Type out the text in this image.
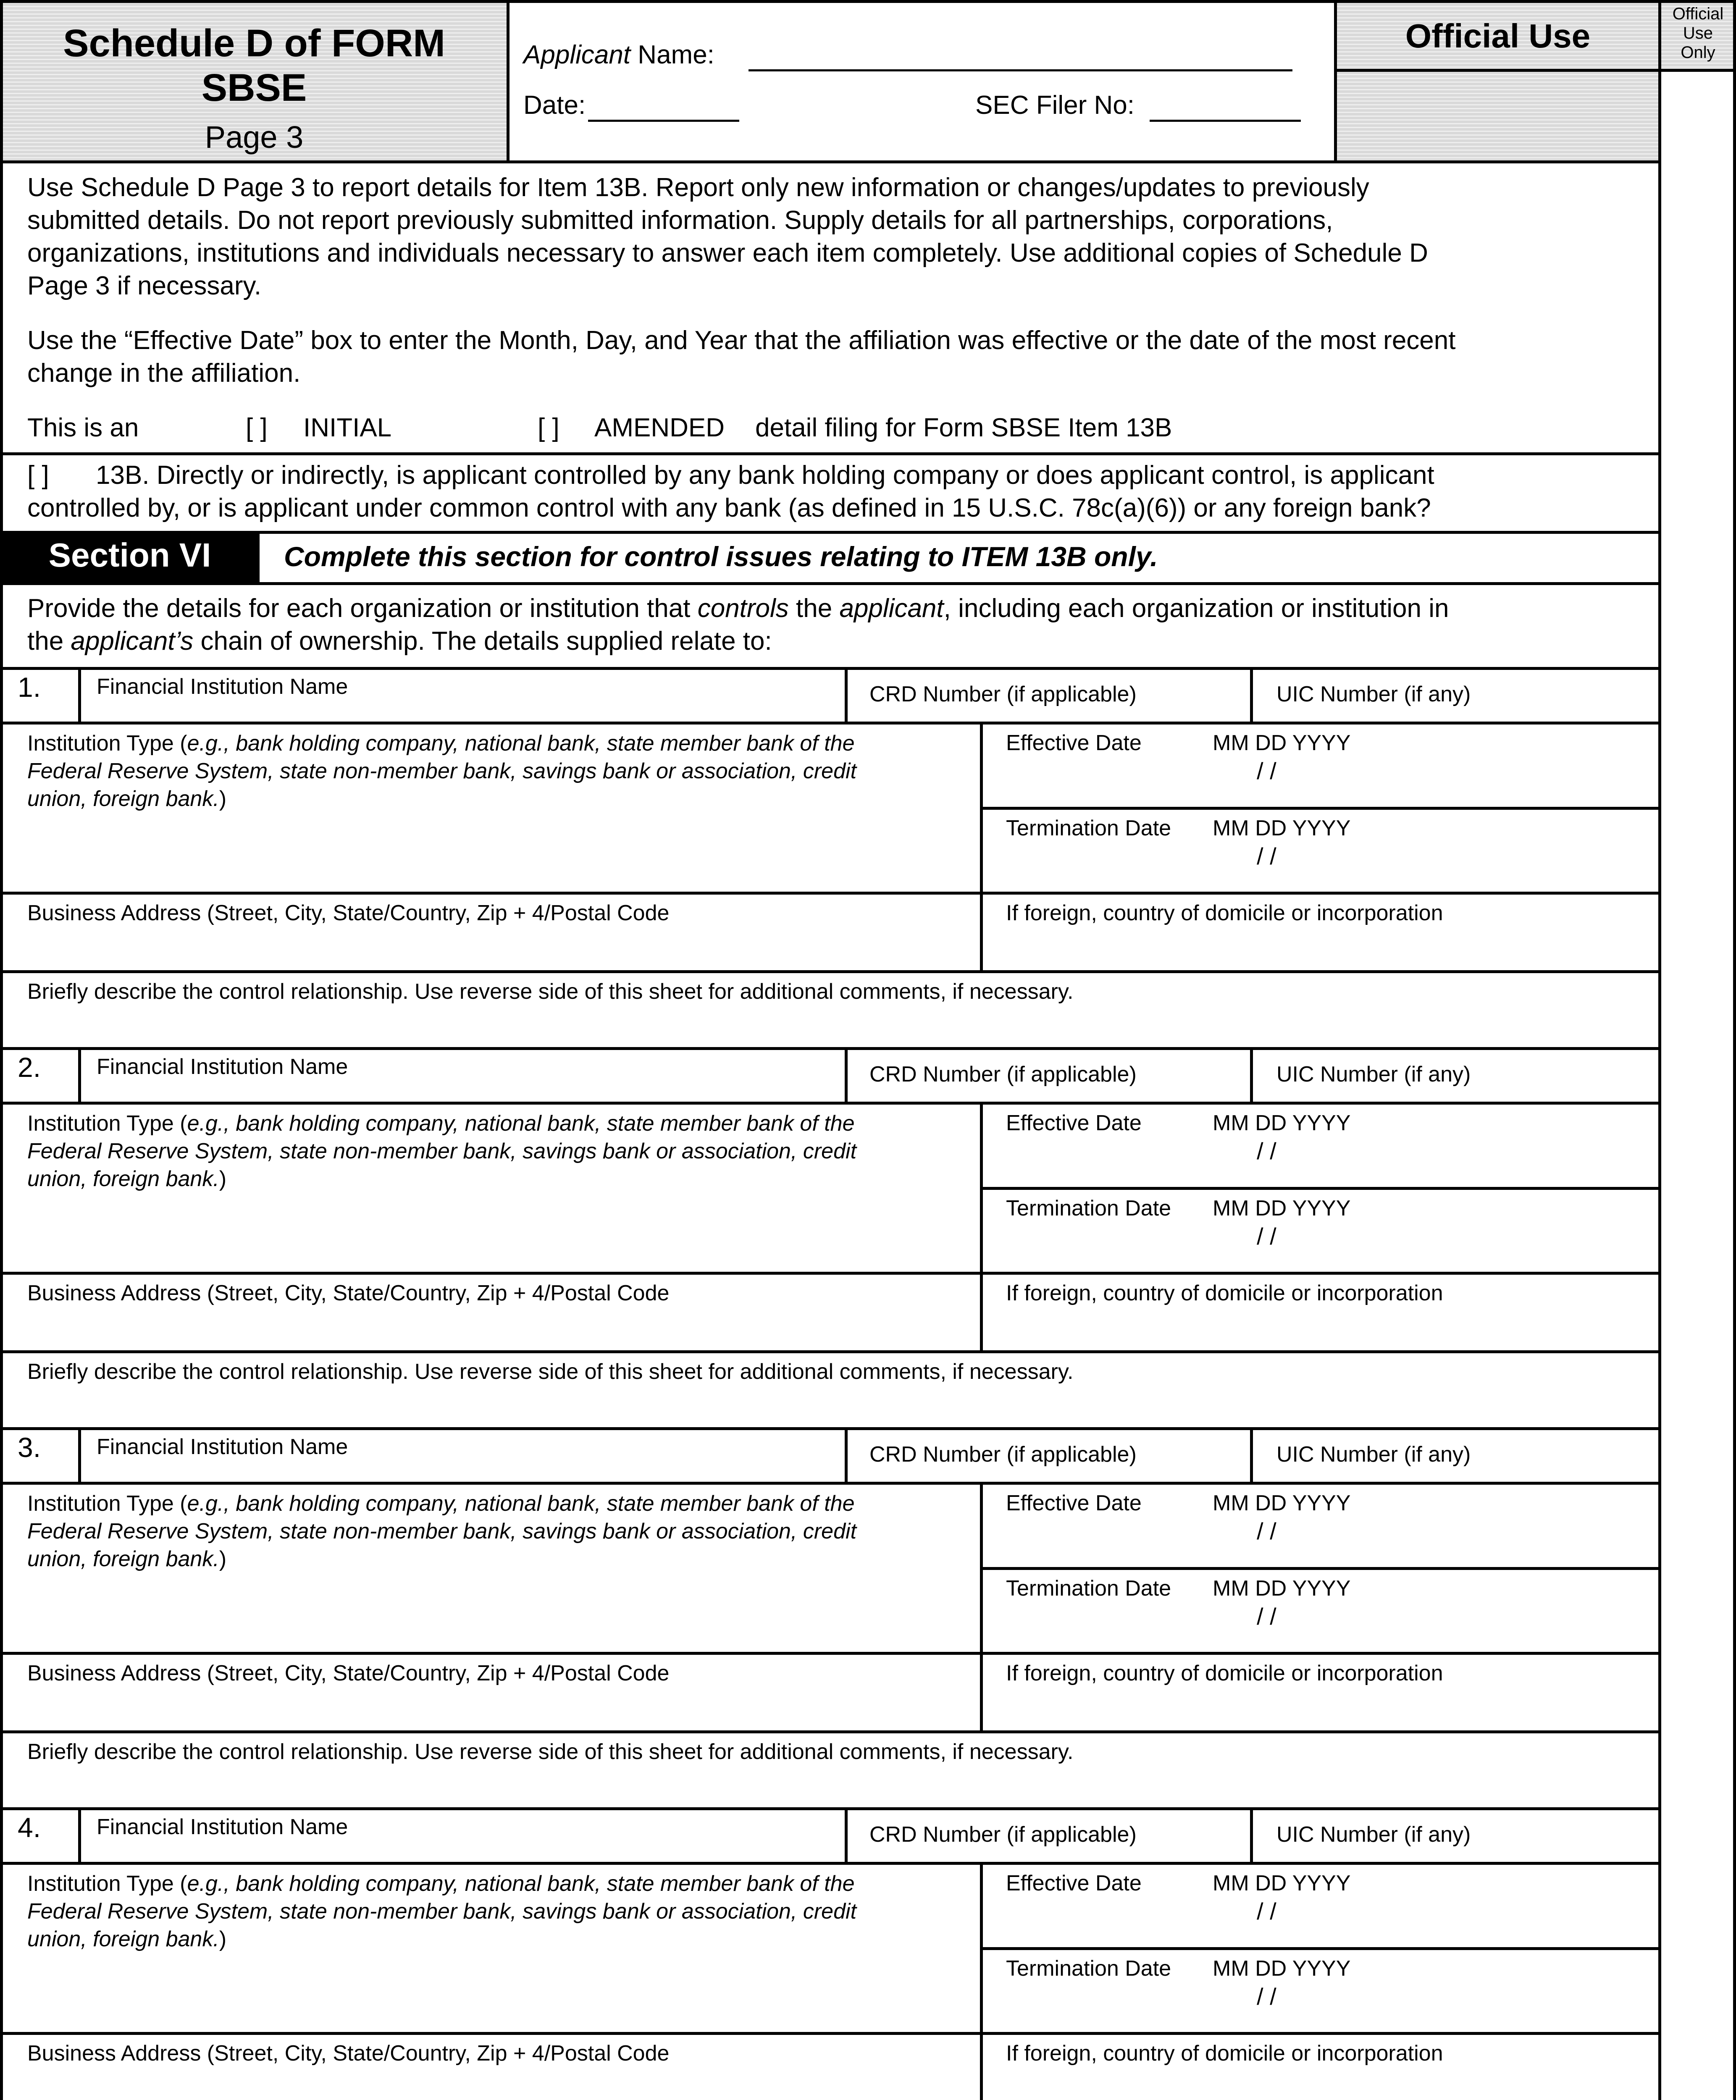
Schedule D of FORM
SBSE
Page 3
Applicant Name:
Date:	SEC Filer No:
Official Use
Official
Use
Only
Use Schedule D Page 3 to report details for Item 13B. Report only new information or changes/updates to previously
submitted details. Do not report previously submitted information. Supply details for all partnerships, corporations,
organizations, institutions and individuals necessary to answer each item completely. Use additional copies of Schedule D
Page 3 if necessary.
Use the “Effective Date” box to enter the Month, Day, and Year that the affiliation was effective or the date of the most recent
change in the affiliation.
This is an	[ ] INITIAL	[ ] AMENDED detail filing for Form SBSE Item 13B
[ ] 13B. Directly or indirectly, is applicant controlled by any bank holding company or does applicant control, is applicant
controlled by, or is applicant under common control with any bank (as defined in 15 U.S.C. 78c(a)(6)) or any foreign bank?
Section VI	Complete this section for control issues relating to ITEM 13B only.
Provide the details for each organization or institution that controls the applicant, including each organization or institution in
the applicant’s chain of ownership. The details supplied relate to:
1.	Financial Institution Name	CRD Number (if applicable)	UIC Number (if any)
Institution Type (e.g., bank holding company, national bank, state member bank of the
Federal Reserve System, state non-member bank, savings bank or association, credit
union, foreign bank.)
Effective Date	MM DD YYYY
/ /
Termination Date MM DD YYYY
/ /
Business Address (Street, City, State/Country, Zip + 4/Postal Code	If foreign, country of domicile or incorporation
Briefly describe the control relationship. Use reverse side of this sheet for additional comments, if necessary.
2.	Financial Institution Name	CRD Number (if applicable)	UIC Number (if any)
Institution Type (e.g., bank holding company, national bank, state member bank of the
Federal Reserve System, state non-member bank, savings bank or association, credit
union, foreign bank.)
Effective Date	MM DD YYYY
/ /
Termination Date MM DD YYYY
/ /
Business Address (Street, City, State/Country, Zip + 4/Postal Code	If foreign, country of domicile or incorporation
Briefly describe the control relationship. Use reverse side of this sheet for additional comments, if necessary.
3.	Financial Institution Name	CRD Number (if applicable)	UIC Number (if any)
Institution Type (e.g., bank holding company, national bank, state member bank of the
Federal Reserve System, state non-member bank, savings bank or association, credit
union, foreign bank.)
Effective Date	MM DD YYYY
/ /
Termination Date MM DD YYYY
/ /
Business Address (Street, City, State/Country, Zip + 4/Postal Code	If foreign, country of domicile or incorporation
Briefly describe the control relationship. Use reverse side of this sheet for additional comments, if necessary.
4.	Financial Institution Name	CRD Number (if applicable)	UIC Number (if any)
Institution Type (e.g., bank holding company, national bank, state member bank of the
Federal Reserve System, state non-member bank, savings bank or association, credit
union, foreign bank.)
Effective Date	MM DD YYYY
/ /
Termination Date MM DD YYYY
/ /
Business Address (Street, City, State/Country, Zip + 4/Postal Code	If foreign, country of domicile or incorporation
